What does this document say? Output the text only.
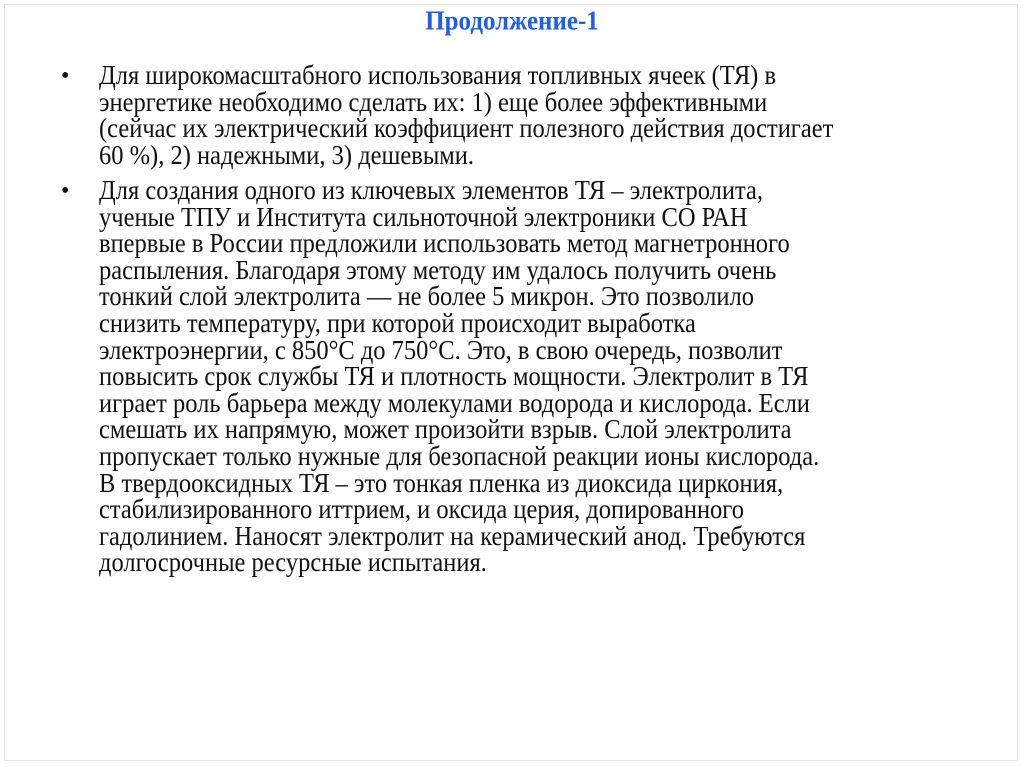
Продолжение-1
• Для широкомасштабного использования топливных ячеек (ТЯ) в
энергетике необходимо сделать их: 1) еще более эффективными
(сейчас их электрический коэффициент полезного действия достигает
60 %), 2) надежными, 3) дешевыми.
• Для создания одного из ключевых элементов ТЯ – электролита,
ученые ТПУ и Института сильноточной электроники СО РАН
впервые в России предложили использовать метод магнетронного
распыления. Благодаря этому методу им удалось получить очень
тонкий слой электролита — не более 5 микрон. Это позволило
снизить температуру, при которой происходит выработка
электроэнергии, с 850°С до 750°С. Это, в свою очередь, позволит
повысить срок службы ТЯ и плотность мощности. Электролит в ТЯ
играет роль барьера между молекулами водорода и кислорода. Если
смешать их напрямую, может произойти взрыв. Слой электролита
пропускает только нужные для безопасной реакции ионы кислорода.
В твердооксидных ТЯ – это тонкая пленка из диоксида циркония,
стабилизированного иттрием, и оксида церия, допированного
гадолинием. Наносят электролит на керамический анод. Требуются
долгосрочные ресурсные испытания.
